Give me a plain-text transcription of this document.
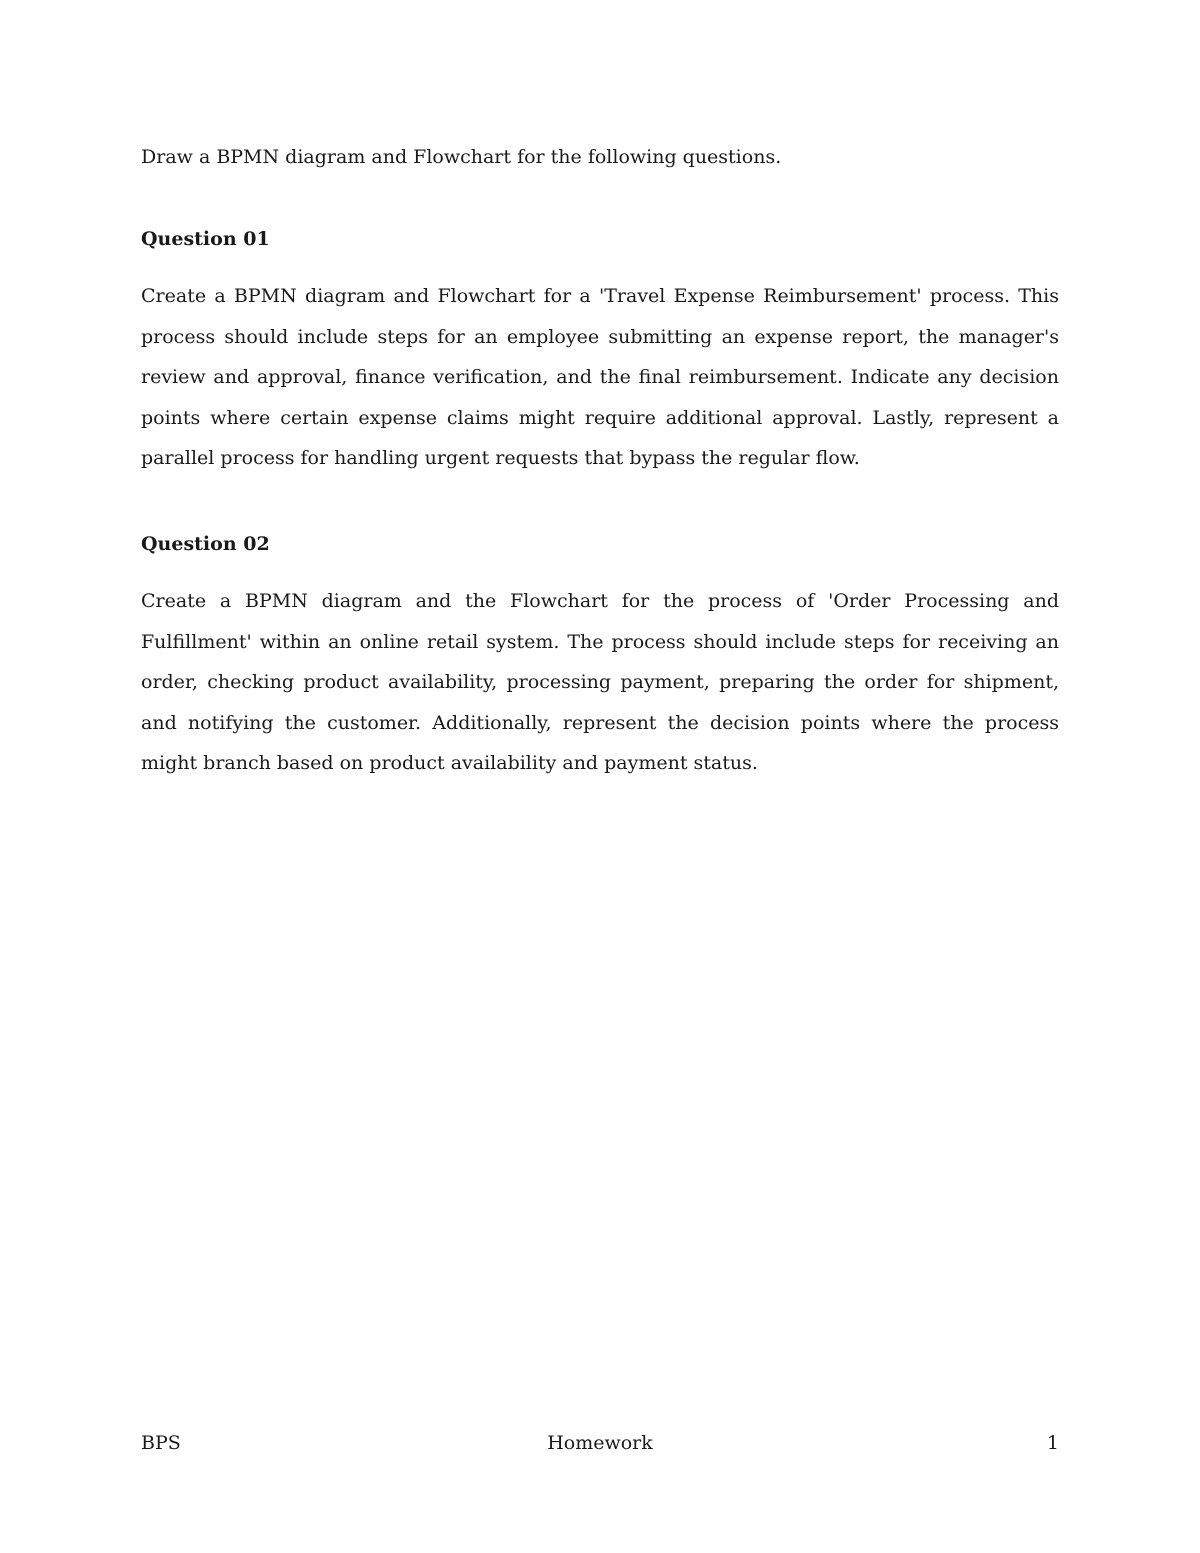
Draw a BPMN diagram and Flowchart for the following questions.

Question 01

Create a BPMN diagram and Flowchart for a 'Travel Expense Reimbursement' process. This process should include steps for an employee submitting an expense report, the manager's review and approval, finance verification, and the final reimbursement. Indicate any decision points where certain expense claims might require additional approval. Lastly, represent a parallel process for handling urgent requests that bypass the regular flow.

Question 02

Create a BPMN diagram and the Flowchart for the process of 'Order Processing and Fulfillment' within an online retail system. The process should include steps for receiving an order, checking product availability, processing payment, preparing the order for shipment, and notifying the customer. Additionally, represent the decision points where the process might branch based on product availability and payment status.

BPS	Homework	1
